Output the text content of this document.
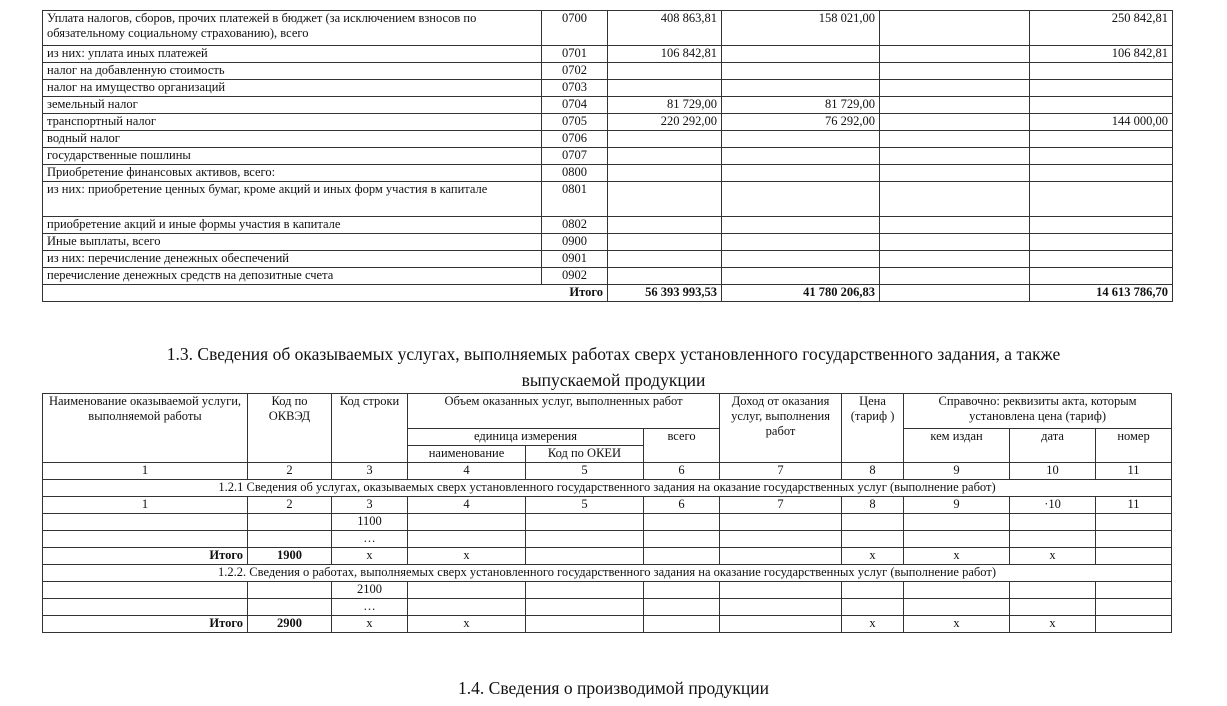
Уплата налогов, сборов, прочих платежей в бюджет (за исключением взносов по обязательному социальному страхованию), всего	0700	408 863,81	158 021,00		250 842,81
из них: уплата иных платежей	0701	106 842,81			106 842,81
налог на добавленную стоимость	0702				
налог на имущество организаций	0703				
земельный налог	0704	81 729,00	81 729,00		
транспортный налог	0705	220 292,00	76 292,00		144 000,00
водный налог	0706				
государственные пошлины	0707				
Приобретение финансовых активов, всего:	0800				
из них: приобретение ценных бумаг, кроме акций и иных форм участия в капитале	0801				
приобретение акций и иные формы участия в капитале	0802				
Иные выплаты, всего	0900				
из них: перечисление денежных обеспечений	0901				
перечисление денежных средств на депозитные счета	0902				
Итого		56 393 993,53	41 780 206,83		14 613 786,70
1.3. Сведения об оказываемых услугах, выполняемых работах сверх установленного государственного задания, а также
выпускаемой продукции
Наименование оказываемой услуги, выполняемой работы	Код по ОКВЭД	Код строки	Объем оказанных услуг, выполненных работ			Доход от оказания услуг, выполнения работ	Цена (тариф )	Справочно: реквизиты акта, которым установлена цена (тариф)		
			единица измерения		всего			кем издан	дата	номер
			наименование	Код по ОКЕИ						
1	2	3	4	5	6	7	8	9	10	11
1.2.1 Сведения об услугах, оказываемых сверх установленного государственного задания на оказание государственных услуг (выполнение работ)										
1	2	3	4	5	6	7	8	9	·10	11
		1100								
		…								
Итого	1900	x	x				x	x	x	
1.2.2. Сведения о работах, выполняемых сверх установленного государственного задания на оказание государственных услуг (выполнение работ)										
		2100								
		…								
Итого	2900	x	x				x	x	x	
1.4. Сведения о производимой продукции
